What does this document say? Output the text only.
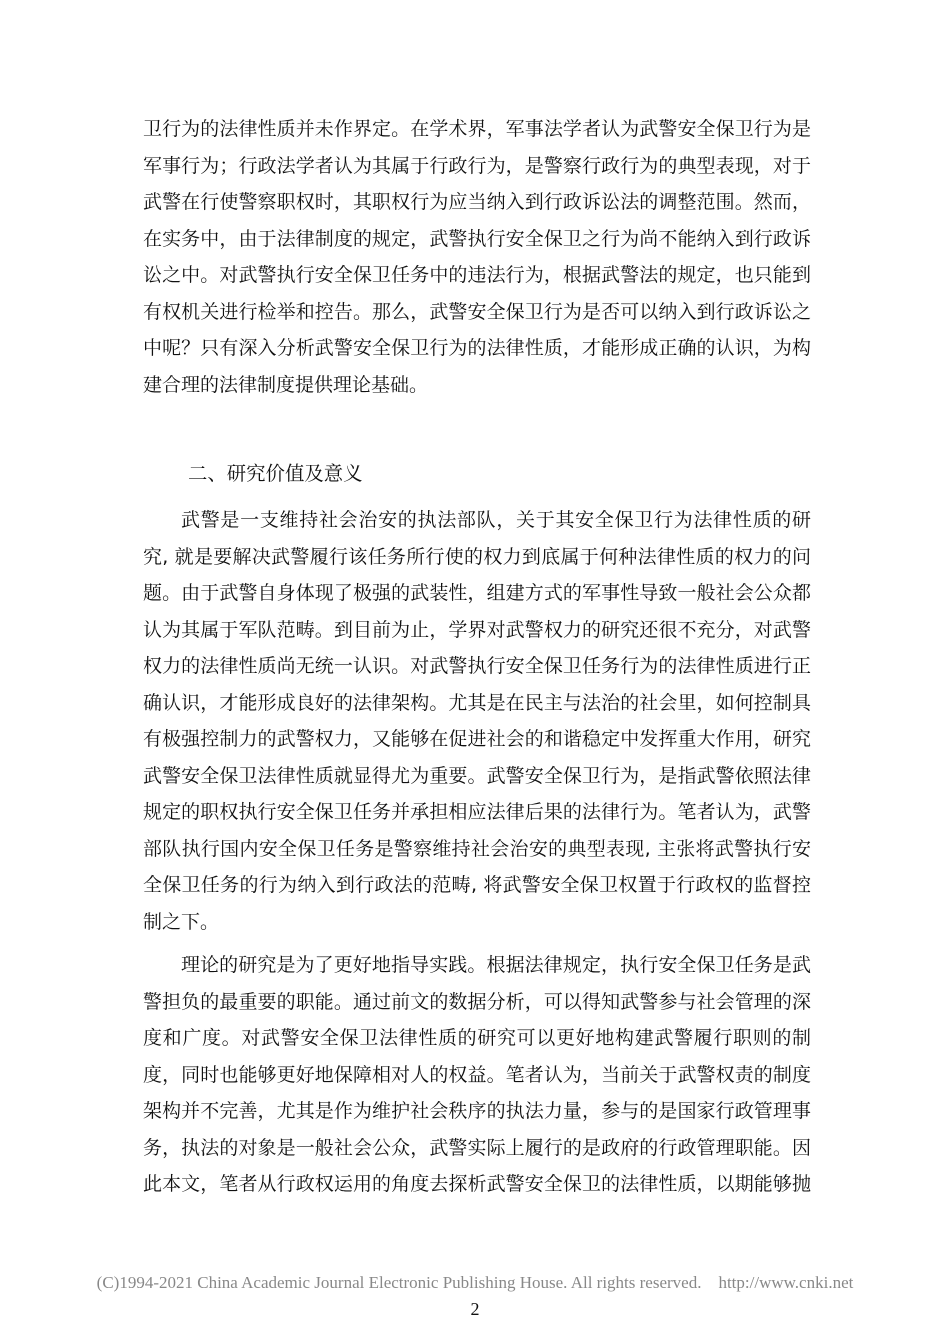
卫行为的法律性质并未作界定。在学术界，军事法学者认为武警安全保卫行为是
军事行为；行政法学者认为其属于行政行为，是警察行政行为的典型表现，对于
武警在行使警察职权时，其职权行为应当纳入到行政诉讼法的调整范围。然而，
在实务中，由于法律制度的规定，武警执行安全保卫之行为尚不能纳入到行政诉
讼之中。对武警执行安全保卫任务中的违法行为，根据武警法的规定，也只能到
有权机关进行检举和控告。那么，武警安全保卫行为是否可以纳入到行政诉讼之
中呢？只有深入分析武警安全保卫行为的法律性质，才能形成正确的认识，为构
建合理的法律制度提供理论基础。
二、研究价值及意义
武警是一支维持社会治安的执法部队，关于其安全保卫行为法律性质的研
究, 就是要解决武警履行该任务所行使的权力到底属于何种法律性质的权力的问
题。由于武警自身体现了极强的武装性，组建方式的军事性导致一般社会公众都
认为其属于军队范畴。到目前为止，学界对武警权力的研究还很不充分，对武警
权力的法律性质尚无统一认识。对武警执行安全保卫任务行为的法律性质进行正
确认识，才能形成良好的法律架构。尤其是在民主与法治的社会里，如何控制具
有极强控制力的武警权力，又能够在促进社会的和谐稳定中发挥重大作用，研究
武警安全保卫法律性质就显得尤为重要。武警安全保卫行为，是指武警依照法律
规定的职权执行安全保卫任务并承担相应法律后果的法律行为。笔者认为，武警
部队执行国内安全保卫任务是警察维持社会治安的典型表现, 主张将武警执行安
全保卫任务的行为纳入到行政法的范畴, 将武警安全保卫权置于行政权的监督控
制之下。
理论的研究是为了更好地指导实践。根据法律规定，执行安全保卫任务是武
警担负的最重要的职能。通过前文的数据分析，可以得知武警参与社会管理的深
度和广度。对武警安全保卫法律性质的研究可以更好地构建武警履行职则的制
度，同时也能够更好地保障相对人的权益。笔者认为，当前关于武警权责的制度
架构并不完善，尤其是作为维护社会秩序的执法力量，参与的是国家行政管理事
务，执法的对象是一般社会公众，武警实际上履行的是政府的行政管理职能。因
此本文，笔者从行政权运用的角度去探析武警安全保卫的法律性质，以期能够抛
(C)1994-2021 China Academic Journal Electronic Publishing House. All rights reserved.    http://www.cnki.net
2
